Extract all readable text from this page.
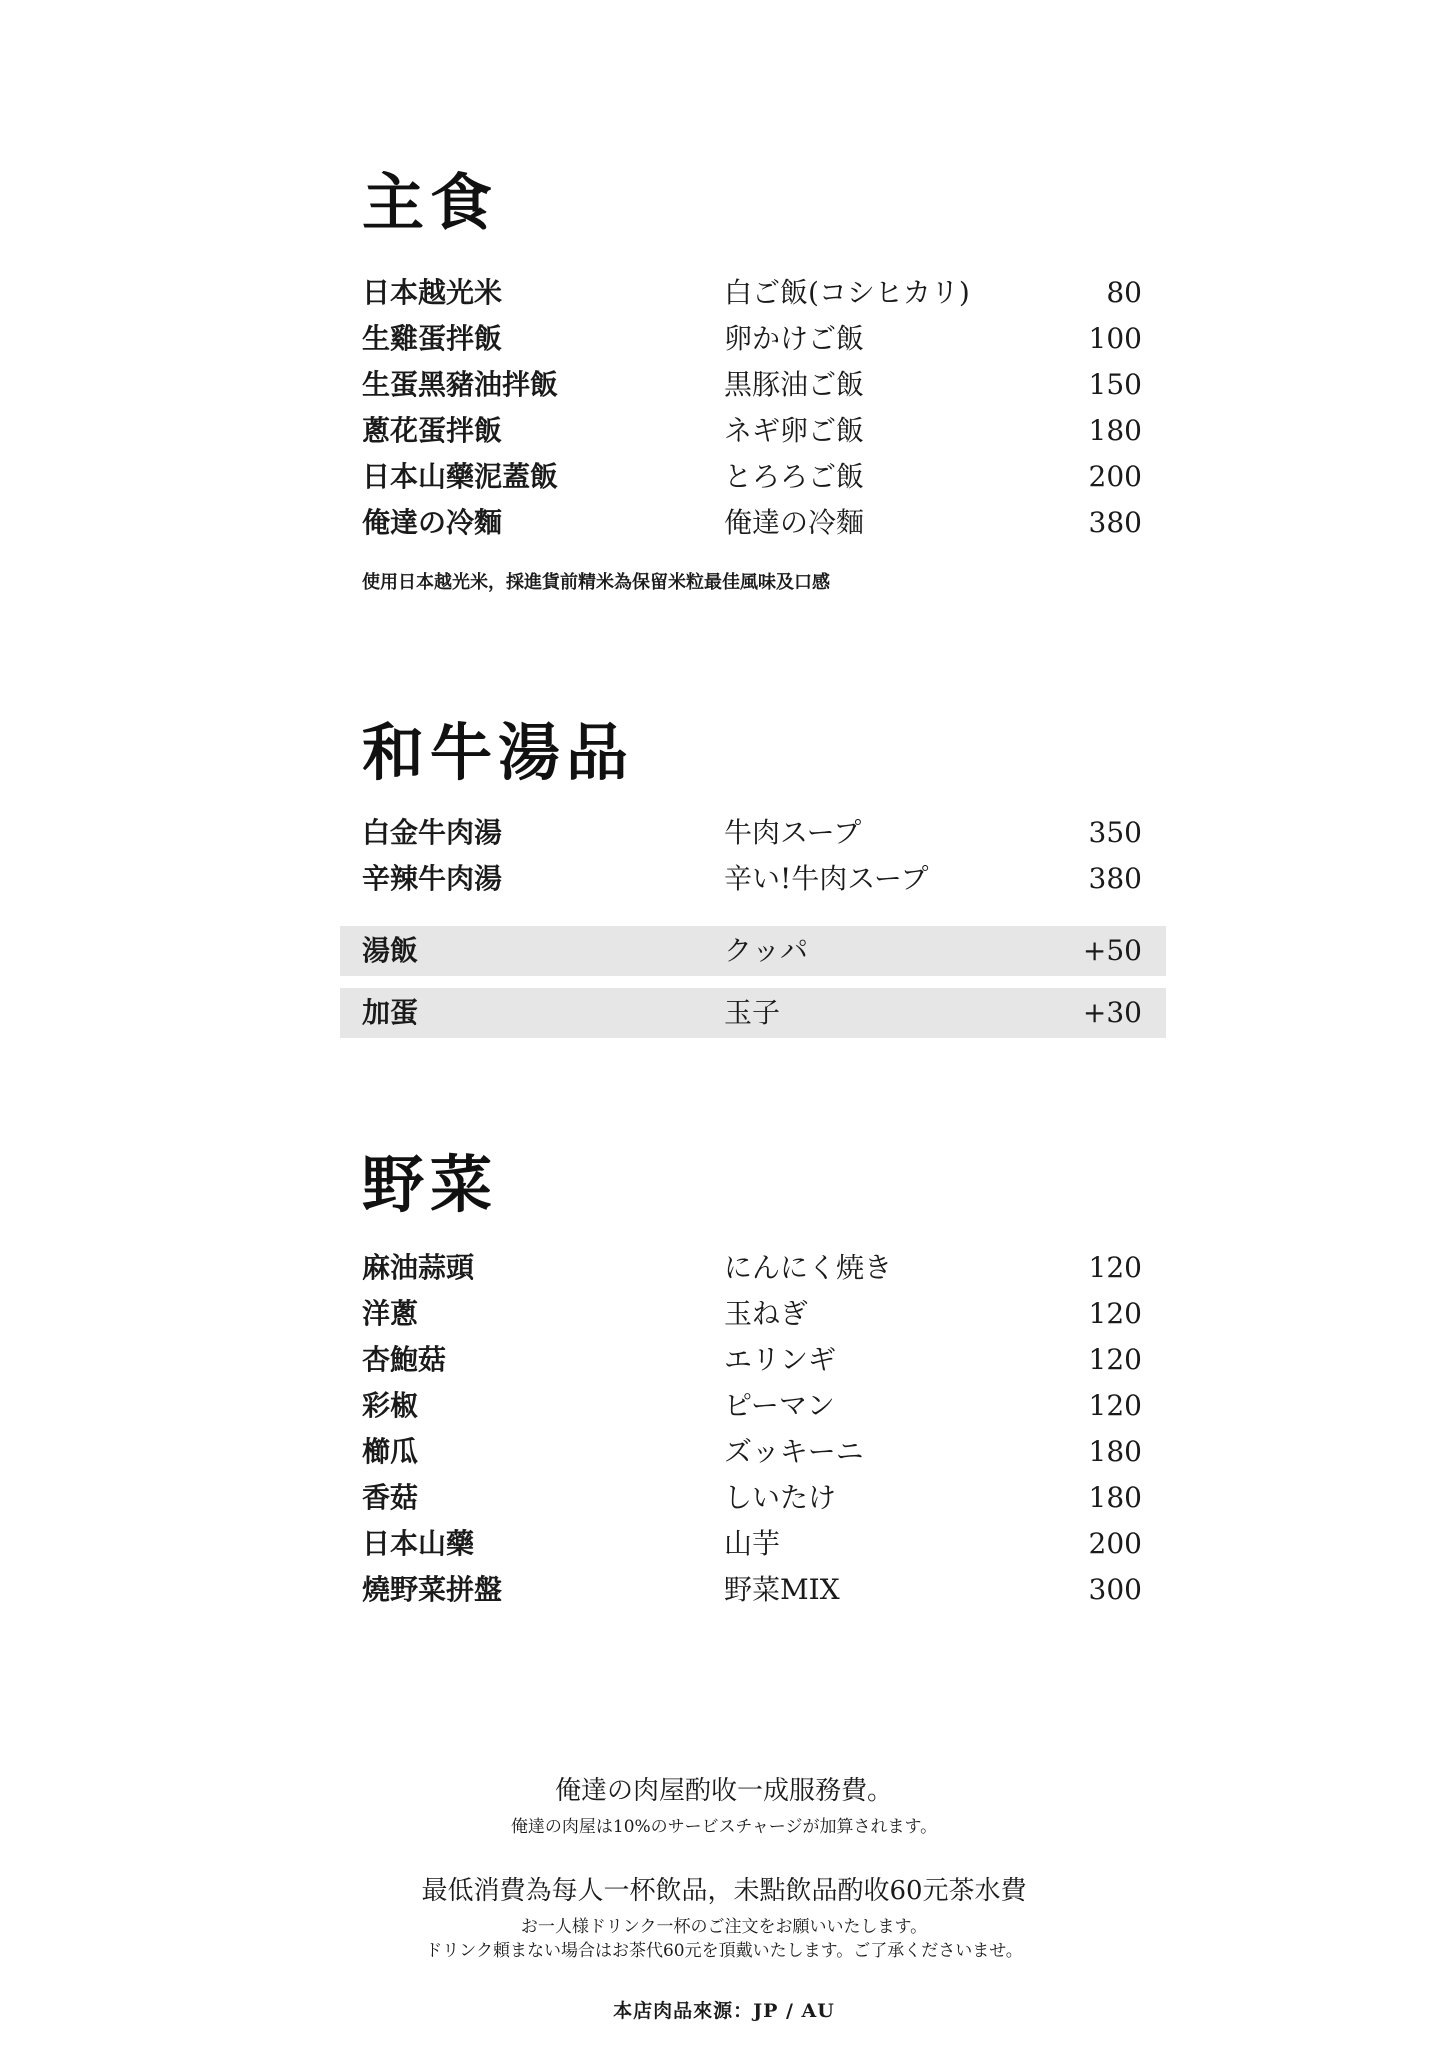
主食
日本越光米	白ご飯(コシヒカリ)	80
生雞蛋拌飯	卵かけご飯	100
生蛋黑豬油拌飯	黒豚油ご飯	150
蔥花蛋拌飯	ネギ卵ご飯	180
日本山藥泥蓋飯	とろろご飯	200
俺達の冷麵	俺達の冷麵	380
使用日本越光米，採進貨前精米為保留米粒最佳風味及口感
和牛湯品
白金牛肉湯	牛肉スープ	350
辛辣牛肉湯	辛い!牛肉スープ	380
湯飯	クッパ	+50
加蛋	玉子	+30
野菜
麻油蒜頭	にんにく焼き	120
洋蔥	玉ねぎ	120
杏鮑菇	エリンギ	120
彩椒	ピーマン	120
櫛瓜	ズッキーニ	180
香菇	しいたけ	180
日本山藥	山芋	200
燒野菜拼盤	野菜MIX	300
俺達の肉屋酌收一成服務費。
俺達の肉屋は10%のサービスチャージが加算されます。
最低消費為每人一杯飲品，未點飲品酌收60元茶水費
お一人様ドリンク一杯のご注文をお願いいたします。
ドリンク頼まない場合はお茶代60元を頂戴いたします。ご了承くださいませ。
本店肉品來源：JP / AU
